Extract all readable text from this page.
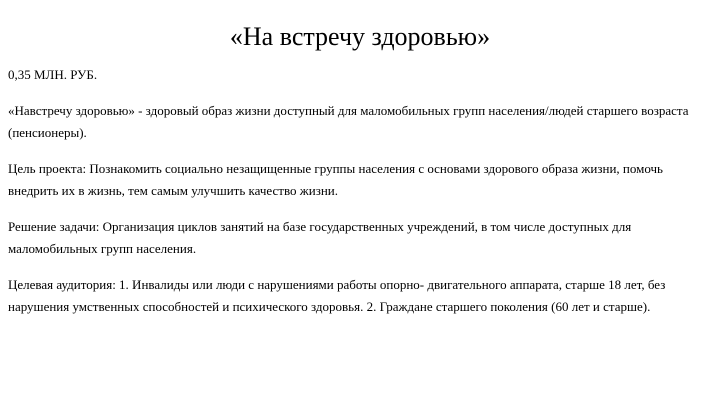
«На встречу здоровью»

0,35 МЛН. РУБ.

«Навстречу здоровью» - здоровый образ жизни доступный для маломобильных групп населения/людей старшего возраста (пенсионеры).

Цель проекта: Познакомить социально незащищенные группы населения с основами здорового образа жизни, помочь внедрить их в жизнь, тем самым улучшить качество жизни.

Решение задачи: Организация циклов занятий на базе государственных учреждений, в том числе доступных для маломобильных групп населения.

Целевая аудитория: 1. Инвалиды или люди с нарушениями работы опорно- двигательного аппарата, старше 18 лет, без нарушения умственных способностей и психического здоровья. 2. Граждане старшего поколения (60 лет и старше).
